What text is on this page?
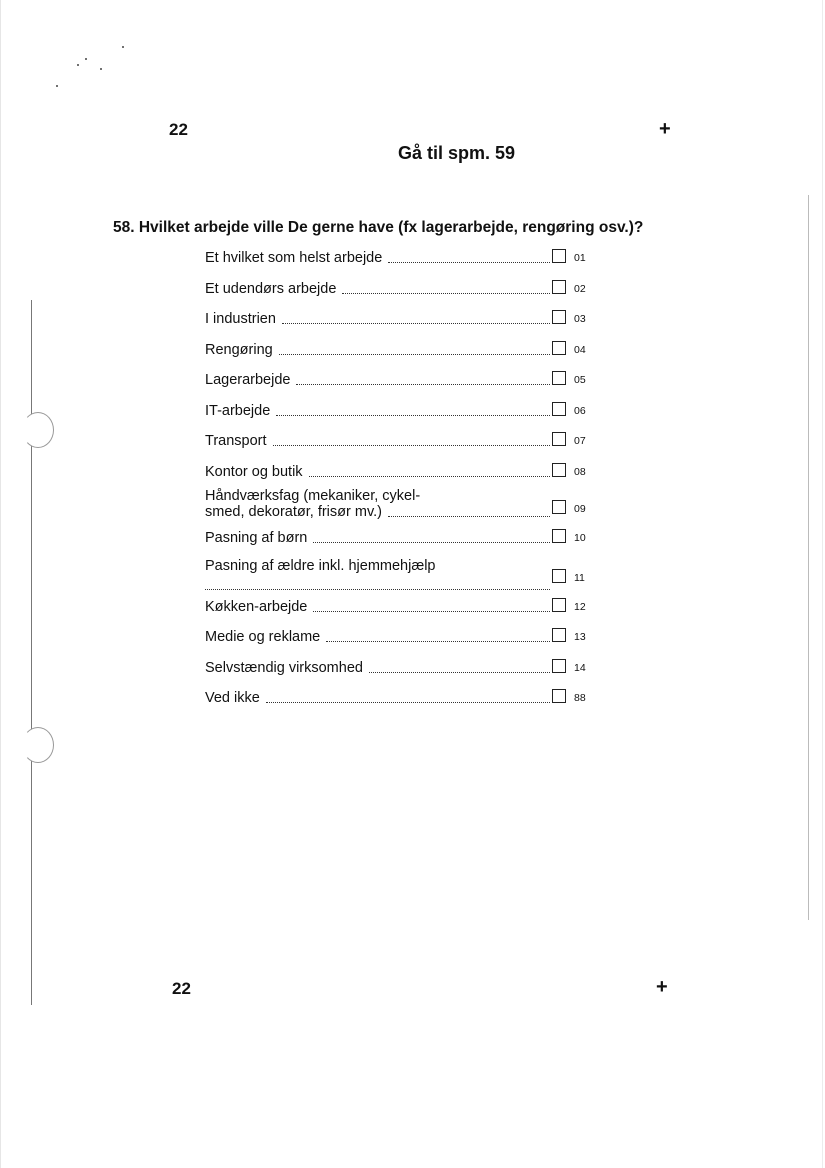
22	+
Gå til spm. 59
58. Hvilket arbejde ville De gerne have (fx lagerarbejde, rengøring osv.)?
Et hvilket som helst arbejde	01
Et udendørs arbejde	02
I industrien	03
Rengøring	04
Lagerarbejde	05
IT-arbejde	06
Transport	07
Kontor og butik	08
Håndværksfag (mekaniker, cykel-
smed, dekoratør, frisør mv.)	09
Pasning af børn	10
Pasning af ældre inkl. hjemmehjælp
11
Køkken-arbejde	12
Medie og reklame	13
Selvstændig virksomhed	14
Ved ikke	88
22	+
